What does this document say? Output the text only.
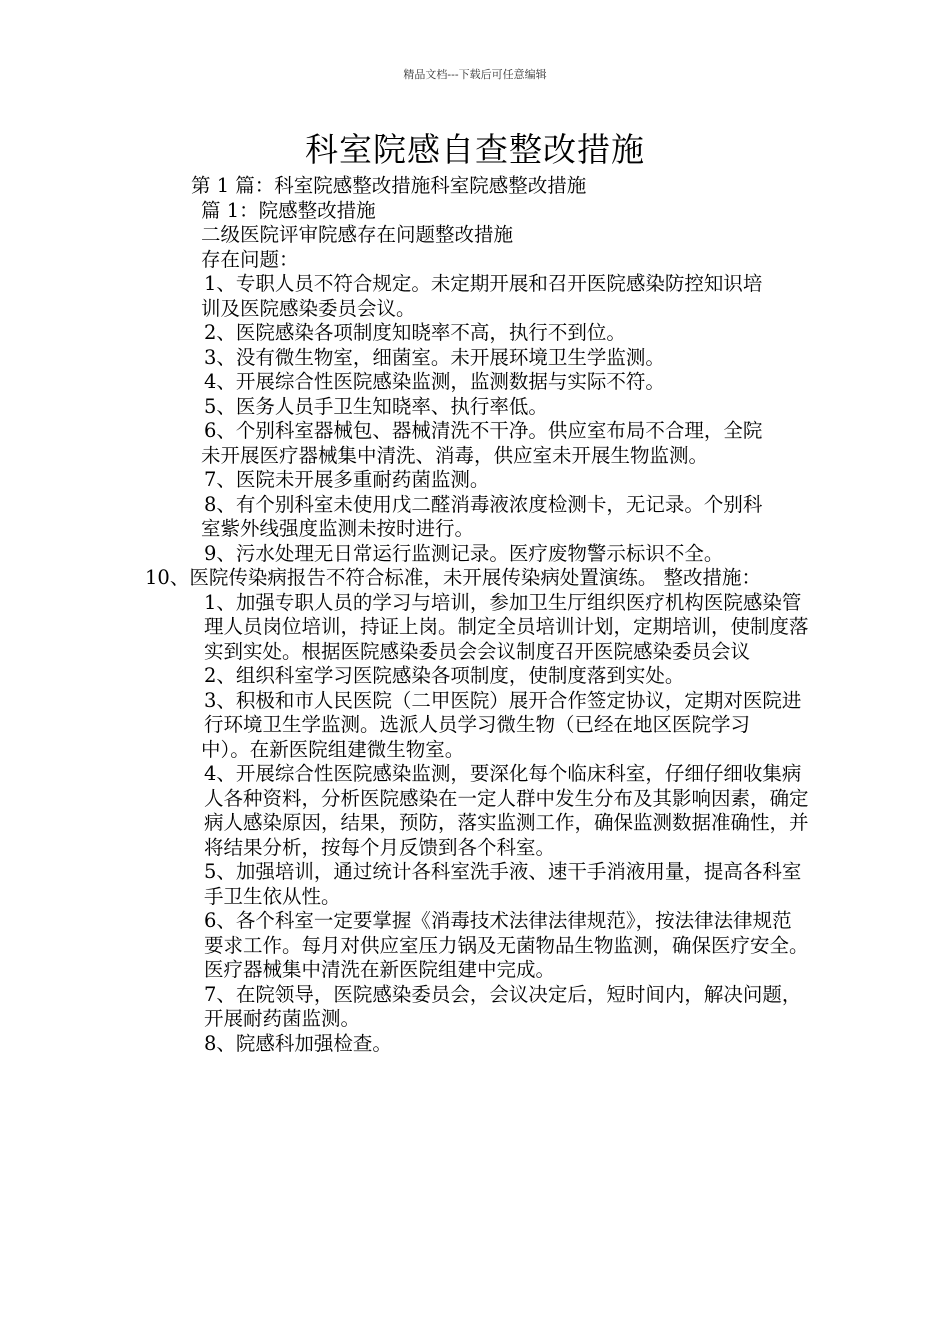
精品文档---下载后可任意编辑
科室院感自查整改措施

第 1 篇：科室院感整改措施科室院感整改措施

篇 1：院感整改措施

二级医院评审院感存在问题整改措施

存在问题：

1、专职人员不符合规定。未定期开展和召开医院感染防控知识培

训及医院感染委员会议。

2、医院感染各项制度知晓率不高，执行不到位。

3、没有微生物室，细菌室。未开展环境卫生学监测。

4、开展综合性医院感染监测，监测数据与实际不符。

5、医务人员手卫生知晓率、执行率低。

6、个别科室器械包、器械清洗不干净。供应室布局不合理，全院

未开展医疗器械集中清洗、消毒，供应室未开展生物监测。

7、医院未开展多重耐药菌监测。

8、有个别科室未使用戊二醛消毒液浓度检测卡，无记录。个别科

室紫外线强度监测未按时进行。

9、污水处理无日常运行监测记录。医疗废物警示标识不全。

10、医院传染病报告不符合标准，未开展传染病处置演练。 整改措施：

1、加强专职人员的学习与培训，参加卫生厅组织医疗机构医院感染管理人员岗位培训，持证上岗。制定全员培训计划，定期培训，使制度落实到实处。根据医院感染委员会会议制度召开医院感染委员会议

2、组织科室学习医院感染各项制度，使制度落到实处。

3、积极和市人民医院（二甲医院）展开合作签定协议，定期对医院进行环境卫生学监测。选派人员学习微生物（已经在地区医院学习

中）。在新医院组建微生物室。

4、开展综合性医院感染监测，要深化每个临床科室，仔细仔细收集病人各种资料，分析医院感染在一定人群中发生分布及其影响因素，确定病人感染原因，结果，预防，落实监测工作，确保监测数据准确性，并将结果分析，按每个月反馈到各个科室。

5、加强培训，通过统计各科室洗手液、速干手消液用量，提高各科室手卫生依从性。

6、各个科室一定要掌握《消毒技术法律法律规范》，按法律法律规范要求工作。每月对供应室压力锅及无菌物品生物监测，确保医疗安全。医疗器械集中清洗在新医院组建中完成。

7、在院领导，医院感染委员会，会议决定后，短时间内，解决问题，开展耐药菌监测。

8、院感科加强检查。
